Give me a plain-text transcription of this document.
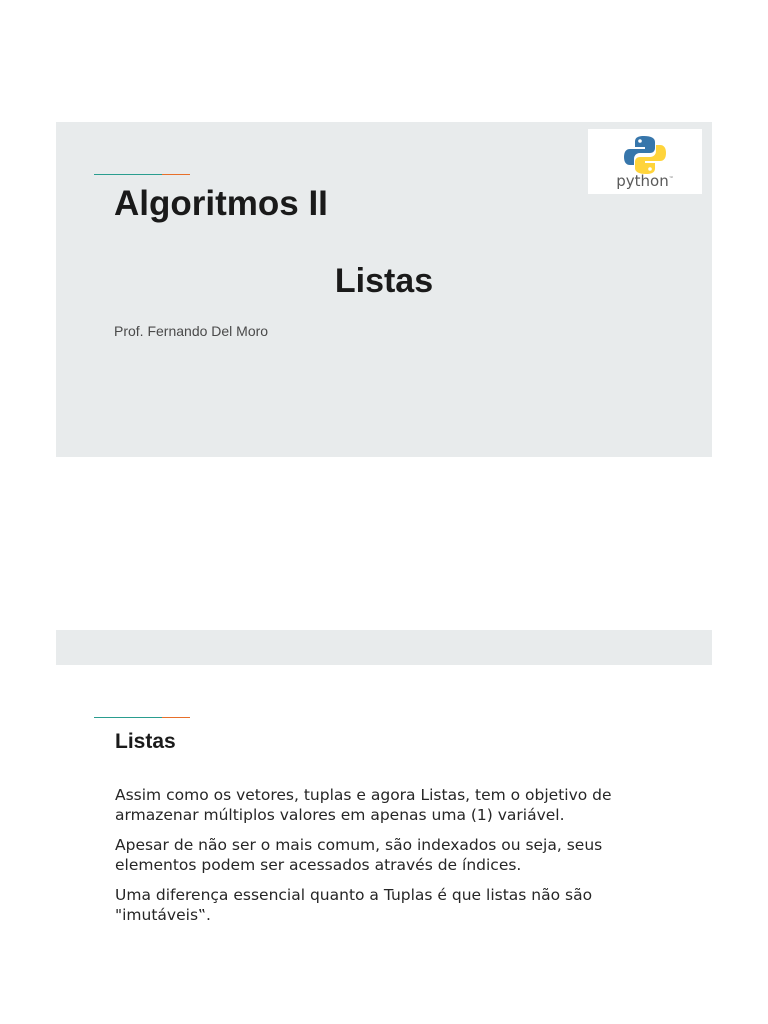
Algoritmos II
Listas
Prof. Fernando Del Moro
python™
Listas

Assim como os vetores, tuplas e agora Listas, tem o objetivo de armazenar múltiplos valores em apenas uma (1) variável.

Apesar de não ser o mais comum, são indexados ou seja, seus elementos podem ser acessados através de índices.

Uma diferença essencial quanto a Tuplas é que listas não são "imutáveis‟.
